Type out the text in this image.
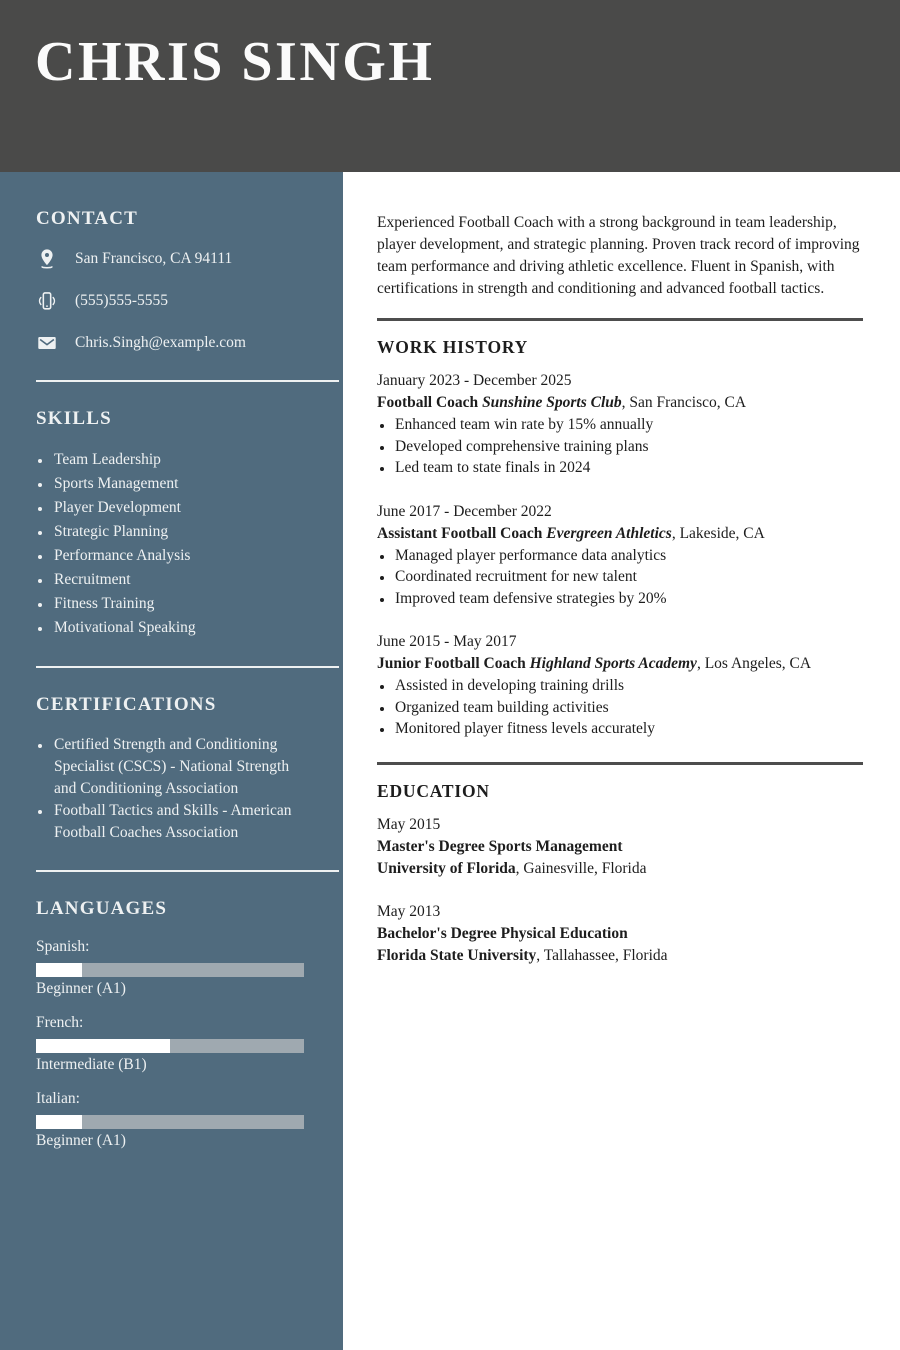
CHRIS SINGH
CONTACT
San Francisco, CA 94111
(555)555-5555
Chris.Singh@example.com
SKILLS
• Team Leadership
• Sports Management
• Player Development
• Strategic Planning
• Performance Analysis
• Recruitment
• Fitness Training
• Motivational Speaking
CERTIFICATIONS
• Certified Strength and Conditioning Specialist (CSCS) - National Strength and Conditioning Association
• Football Tactics and Skills - American Football Coaches Association
LANGUAGES

Spanish:

Beginner (A1)

French:

Intermediate (B1)

Italian:

Beginner (A1)

Experienced Football Coach with a strong background in team leadership, player development, and strategic planning. Proven track record of improving team performance and driving athletic excellence. Fluent in Spanish, with certifications in strength and conditioning and advanced football tactics.

WORK HISTORY
January 2023 - December 2025
Football Coach Sunshine Sports Club, San Francisco, CA
• Enhanced team win rate by 15% annually
• Developed comprehensive training plans
• Led team to state finals in 2024
June 2017 - December 2022
Assistant Football Coach Evergreen Athletics, Lakeside, CA
• Managed player performance data analytics
• Coordinated recruitment for new talent
• Improved team defensive strategies by 20%
June 2015 - May 2017
Junior Football Coach Highland Sports Academy, Los Angeles, CA
• Assisted in developing training drills
• Organized team building activities
• Monitored player fitness levels accurately
EDUCATION
May 2015
Master's Degree Sports Management
University of Florida, Gainesville, Florida
May 2013
Bachelor's Degree Physical Education
Florida State University, Tallahassee, Florida
